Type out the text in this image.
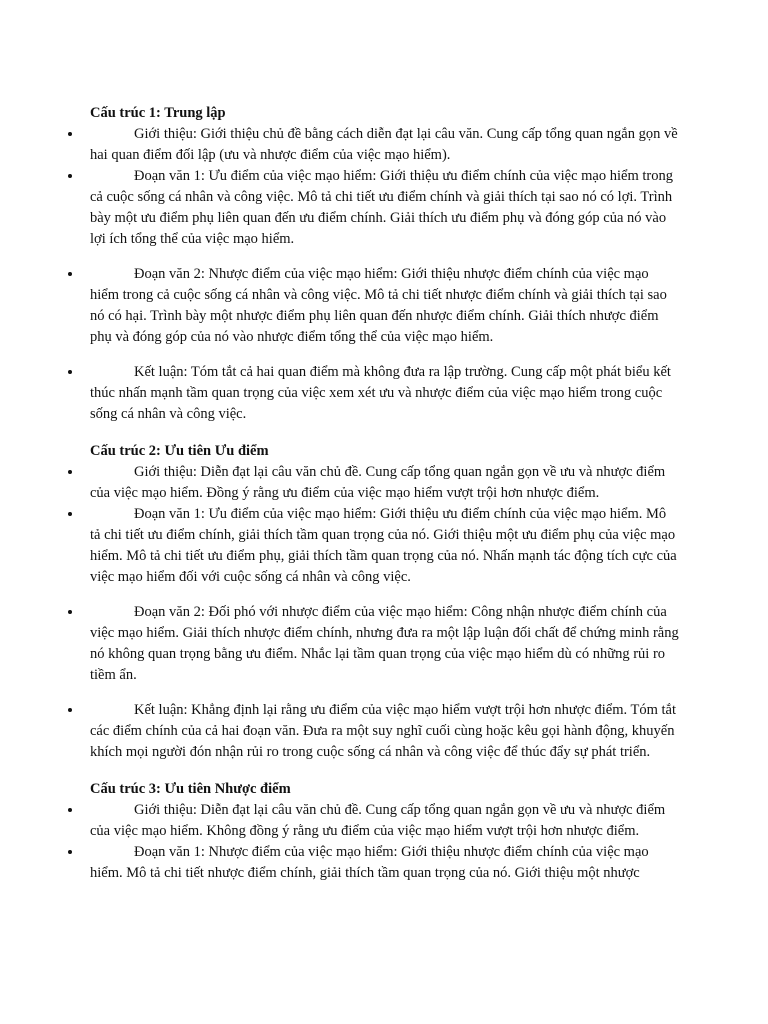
Cấu trúc 1: Trung lập

Giới thiệu: Giới thiệu chủ đề bằng cách diễn đạt lại câu văn. Cung cấp tổng quan ngắn gọn về hai quan điểm đối lập (ưu và nhược điểm của việc mạo hiểm).
Đoạn văn 1: Ưu điểm của việc mạo hiểm: Giới thiệu ưu điểm chính của việc mạo hiểm trong cả cuộc sống cá nhân và công việc. Mô tả chi tiết ưu điểm chính và giải thích tại sao nó có lợi. Trình bày một ưu điểm phụ liên quan đến ưu điểm chính. Giải thích ưu điểm phụ và đóng góp của nó vào lợi ích tổng thể của việc mạo hiểm.
Đoạn văn 2: Nhược điểm của việc mạo hiểm: Giới thiệu nhược điểm chính của việc mạo hiểm trong cả cuộc sống cá nhân và công việc. Mô tả chi tiết nhược điểm chính và giải thích tại sao nó có hại. Trình bày một nhược điểm phụ liên quan đến nhược điểm chính. Giải thích nhược điểm phụ và đóng góp của nó vào nhược điểm tổng thể của việc mạo hiểm.
Kết luận: Tóm tắt cả hai quan điểm mà không đưa ra lập trường. Cung cấp một phát biểu kết thúc nhấn mạnh tầm quan trọng của việc xem xét ưu và nhược điểm của việc mạo hiểm trong cuộc sống cá nhân và công việc.

Cấu trúc 2: Ưu tiên Ưu điểm

Giới thiệu: Diễn đạt lại câu văn chủ đề. Cung cấp tổng quan ngắn gọn về ưu và nhược điểm của việc mạo hiểm. Đồng ý rằng ưu điểm của việc mạo hiểm vượt trội hơn nhược điểm.
Đoạn văn 1: Ưu điểm của việc mạo hiểm: Giới thiệu ưu điểm chính của việc mạo hiểm. Mô tả chi tiết ưu điểm chính, giải thích tầm quan trọng của nó. Giới thiệu một ưu điểm phụ của việc mạo hiểm. Mô tả chi tiết ưu điểm phụ, giải thích tầm quan trọng của nó. Nhấn mạnh tác động tích cực của việc mạo hiểm đối với cuộc sống cá nhân và công việc.
Đoạn văn 2: Đối phó với nhược điểm của việc mạo hiểm: Công nhận nhược điểm chính của việc mạo hiểm. Giải thích nhược điểm chính, nhưng đưa ra một lập luận đối chất để chứng minh rằng nó không quan trọng bằng ưu điểm. Nhắc lại tầm quan trọng của việc mạo hiểm dù có những rủi ro tiềm ẩn.
Kết luận: Khẳng định lại rằng ưu điểm của việc mạo hiểm vượt trội hơn nhược điểm. Tóm tắt các điểm chính của cả hai đoạn văn. Đưa ra một suy nghĩ cuối cùng hoặc kêu gọi hành động, khuyến khích mọi người đón nhận rủi ro trong cuộc sống cá nhân và công việc để thúc đẩy sự phát triển.

Cấu trúc 3: Ưu tiên Nhược điểm

Giới thiệu: Diễn đạt lại câu văn chủ đề. Cung cấp tổng quan ngắn gọn về ưu và nhược điểm của việc mạo hiểm. Không đồng ý rằng ưu điểm của việc mạo hiểm vượt trội hơn nhược điểm.
Đoạn văn 1: Nhược điểm của việc mạo hiểm: Giới thiệu nhược điểm chính của việc mạo hiểm. Mô tả chi tiết nhược điểm chính, giải thích tầm quan trọng của nó. Giới thiệu một nhược
